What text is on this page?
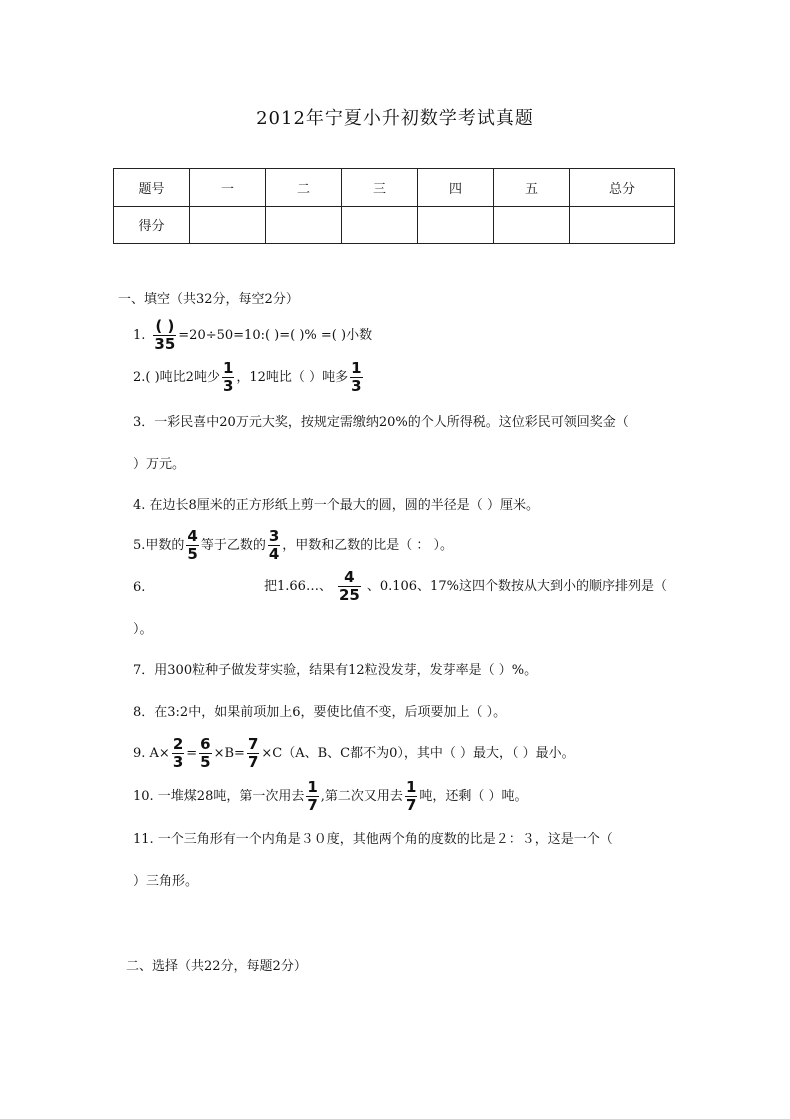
2012年宁夏小升初数学考试真题
题号	一	二	三	四	五	总分
得分						
一、填空（共32分，每空2分）
1. $\frac{( )}{35}$ =20÷50=10:( )=( )% =( )小数
2.( )吨比2吨少 $\frac{1}{3}$ ，12吨比（ ）吨多 $\frac{1}{3}$
3．一彩民喜中20万元大奖，按规定需缴纳20%的个人所得税。这位彩民可领回奖金（
）万元。
4. 在边长8厘米的正方形纸上剪一个最大的圆，圆的半径是（ ）厘米。
5.甲数的 $\frac{4}{5}$ 等于乙数的 $\frac{3}{4}$ ，甲数和乙数的比是（ ： ）。
6.	把1.66…、 $\frac{4}{25}$ 、0.106、17%这四个数按从大到小的顺序排列是（
）。
7．用300粒种子做发芽实验，结果有12粒没发芽，发芽率是（ ）%。
8．在3:2中，如果前项加上6，要使比值不变，后项要加上（ ）。
9. $A\times \frac{2}{3} = \frac{6}{5} \times B= \frac{7}{7} \times C(A$、B、C都不为0），其中（ ）最大，（ ）最小。
10. 一堆煤28吨，第一次用去 $\frac{1}{7}$ ,第二次又用去 $\frac{1}{7}$ 吨，还剩（ ）吨。
11. 一个三角形有一个内角是３０度，其他两个角的度数的比是２：３，这是一个（
）三角形。
二、选择（共22分，每题2分）
